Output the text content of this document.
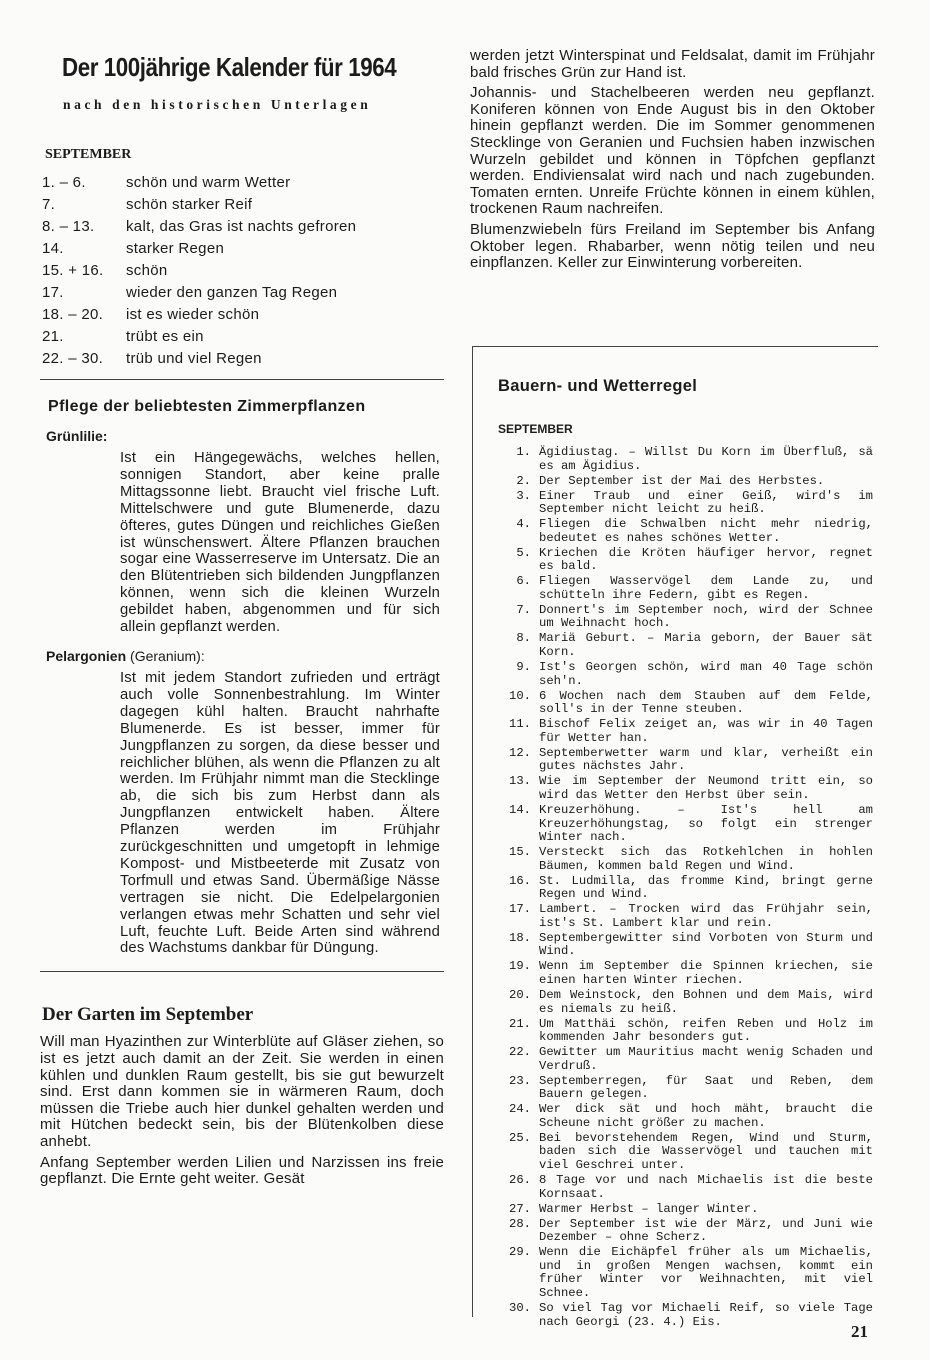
Der 100jährige Kalender für 1964
nach den historischen Unterlagen
SEPTEMBER
1. – 6.	schön und warm Wetter
7.	schön starker Reif
8. – 13.	kalt, das Gras ist nachts gefroren
14.	starker Regen
15. + 16.	schön
17.	wieder den ganzen Tag Regen
18. – 20.	ist es wieder schön
21.	trübt es ein
22. – 30.	trüb und viel Regen
Pflege der beliebtesten Zimmerpflanzen
Grünlilie:
Ist ein Hängegewächs, welches hellen, sonnigen Standort, aber keine pralle Mittagssonne liebt. Braucht viel frische Luft. Mittelschwere und gute Blumenerde, dazu öfteres, gutes Düngen und reichliches Gießen ist wünschenswert. Ältere Pflanzen brauchen sogar eine Wasserreserve im Untersatz. Die an den Blütentrieben sich bildenden Jungpflanzen können, wenn sich die kleinen Wurzeln gebildet haben, abgenommen und für sich allein gepflanzt werden.
Pelargonien (Geranium):
Ist mit jedem Standort zufrieden und erträgt auch volle Sonnenbestrahlung. Im Winter dagegen kühl halten. Braucht nahrhafte Blumenerde. Es ist besser, immer für Jungpflanzen zu sorgen, da diese besser und reichlicher blühen, als wenn die Pflanzen zu alt werden. Im Frühjahr nimmt man die Stecklinge ab, die sich bis zum Herbst dann als Jungpflanzen entwickelt haben. Ältere Pflanzen werden im Frühjahr zurückgeschnitten und umgetopft in lehmige Kompost- und Mistbeeterde mit Zusatz von Torfmull und etwas Sand. Übermäßige Nässe vertragen sie nicht. Die Edelpelargonien verlangen etwas mehr Schatten und sehr viel Luft, feuchte Luft. Beide Arten sind während des Wachstums dankbar für Düngung.
Der Garten im September

Will man Hyazinthen zur Winterblüte auf Gläser ziehen, so ist es jetzt auch damit an der Zeit. Sie werden in einen kühlen und dunklen Raum gestellt, bis sie gut bewurzelt sind. Erst dann kommen sie in wärmeren Raum, doch müssen die Triebe auch hier dunkel gehalten werden und mit Hütchen bedeckt sein, bis der Blütenkolben diese anhebt.

Anfang September werden Lilien und Narzissen ins freie gepflanzt. Die Ernte geht weiter. Gesät

werden jetzt Winterspinat und Feldsalat, damit im Frühjahr bald frisches Grün zur Hand ist.

Johannis- und Stachelbeeren werden neu gepflanzt. Koniferen können von Ende August bis in den Oktober hinein gepflanzt werden. Die im Sommer genommenen Stecklinge von Geranien und Fuchsien haben inzwischen Wurzeln gebildet und können in Töpfchen gepflanzt werden. Endiviensalat wird nach und nach zugebunden. Tomaten ernten. Unreife Früchte können in einem kühlen, trockenen Raum nachreifen.

Blumenzwiebeln fürs Freiland im September bis Anfang Oktober legen. Rhabarber, wenn nötig teilen und neu einpflanzen. Keller zur Einwinterung vorbereiten.

Bauern- und Wetterregel
SEPTEMBER
1. Ägidiustag. – Willst Du Korn im Überfluß, sä es am Ägidius.
2. Der September ist der Mai des Herbstes.
3. Einer Traub und einer Geiß, wird's im September nicht leicht zu heiß.
4. Fliegen die Schwalben nicht mehr niedrig, bedeutet es nahes schönes Wetter.
5. Kriechen die Kröten häufiger hervor, regnet es bald.
6. Fliegen Wasservögel dem Lande zu, und schütteln ihre Federn, gibt es Regen.
7. Donnert's im September noch, wird der Schnee um Weihnacht hoch.
8. Mariä Geburt. – Maria geborn, der Bauer sät Korn.
9. Ist's Georgen schön, wird man 40 Tage schön seh'n.
10. 6 Wochen nach dem Stauben auf dem Felde, soll's in der Tenne steuben.
11. Bischof Felix zeiget an, was wir in 40 Tagen für Wetter han.
12. Septemberwetter warm und klar, verheißt ein gutes nächstes Jahr.
13. Wie im September der Neumond tritt ein, so wird das Wetter den Herbst über sein.
14. Kreuzerhöhung. – Ist's hell am Kreuzerhöhungstag, so folgt ein strenger Winter nach.
15. Versteckt sich das Rotkehlchen in hohlen Bäumen, kommen bald Regen und Wind.
16. St. Ludmilla, das fromme Kind, bringt gerne Regen und Wind.
17. Lambert. – Trocken wird das Frühjahr sein, ist's St. Lambert klar und rein.
18. Septembergewitter sind Vorboten von Sturm und Wind.
19. Wenn im September die Spinnen kriechen, sie einen harten Winter riechen.
20. Dem Weinstock, den Bohnen und dem Mais, wird es niemals zu heiß.
21. Um Matthäi schön, reifen Reben und Holz im kommenden Jahr besonders gut.
22. Gewitter um Mauritius macht wenig Schaden und Verdruß.
23. Septemberregen, für Saat und Reben, dem Bauern gelegen.
24. Wer dick sät und hoch mäht, braucht die Scheune nicht größer zu machen.
25. Bei bevorstehendem Regen, Wind und Sturm, baden sich die Wasservögel und tauchen mit viel Geschrei unter.
26. 8 Tage vor und nach Michaelis ist die beste Kornsaat.
27. Warmer Herbst – langer Winter.
28. Der September ist wie der März, und Juni wie Dezember – ohne Scherz.
29. Wenn die Eichäpfel früher als um Michaelis, und in großen Mengen wachsen, kommt ein früher Winter vor Weihnachten, mit viel Schnee.
30. So viel Tag vor Michaeli Reif, so viele Tage nach Georgi (23. 4.) Eis.
21
